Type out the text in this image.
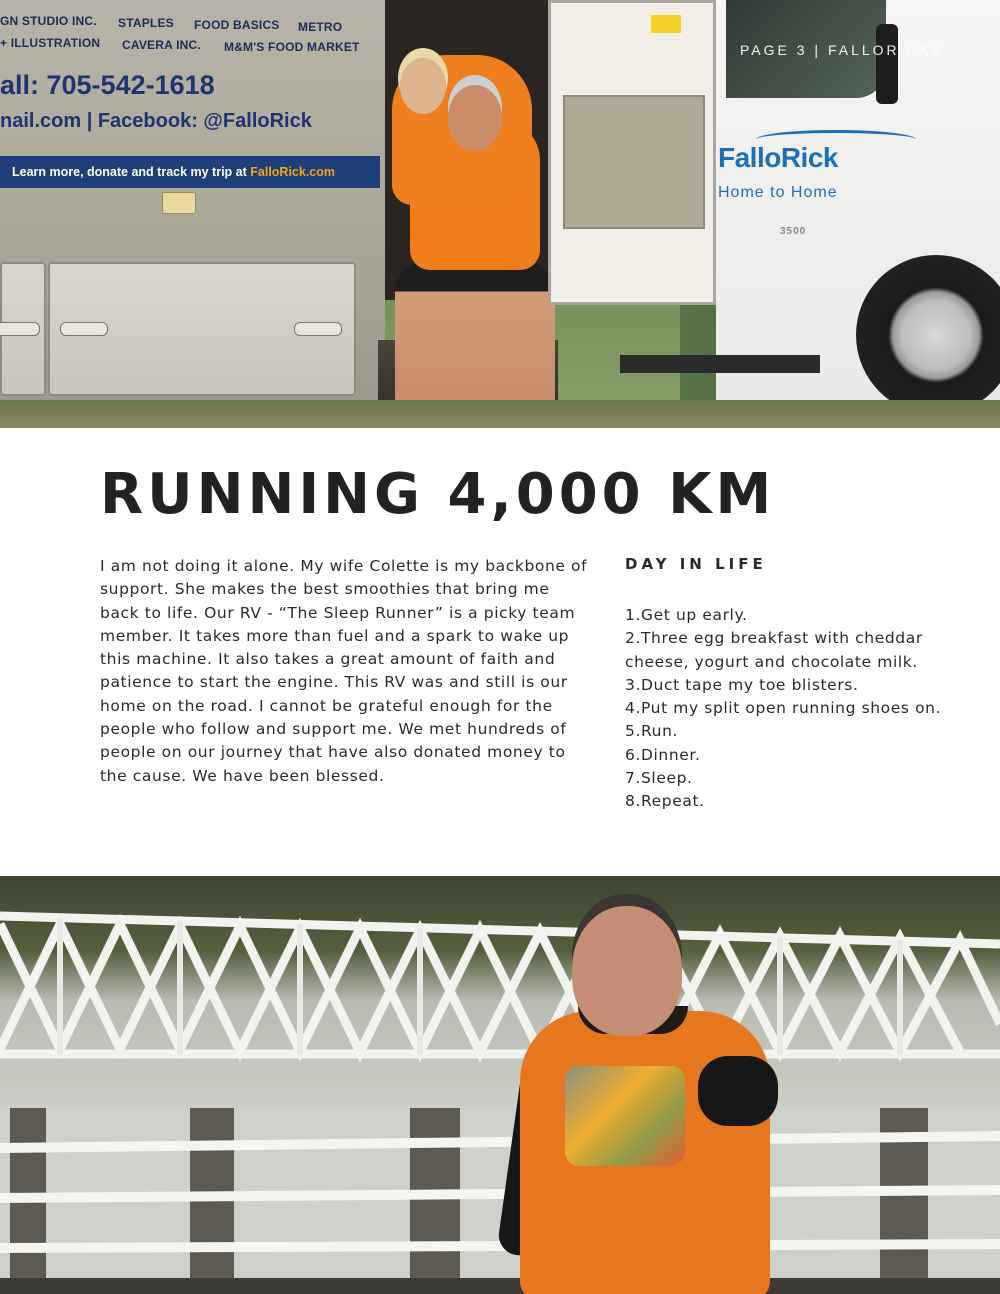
GN STUDIO INC. STAPLES FOOD BASICS METRO
+ ILLUSTRATION CAVERA INC. M&M'S FOOD MARKET
all: 705-542-1618
nail.com | Facebook: @FalloRick
Learn more, donate and track my trip at FalloRick.com	FalloRick
Home to Home
3500
PAGE 3 | FALLORICKS
RUNNING 4,000 KM

I am not doing it alone. My wife Colette is my backbone of support. She makes the best smoothies that bring me back to life. Our RV - “The Sleep Runner” is a picky team member. It takes more than fuel and a spark to wake up this machine. It also takes a great amount of faith and patience to start the engine. This RV was and still is our home on the road. I cannot be grateful enough for the people who follow and support me. We met hundreds of people on our journey that have also donated money to the cause. We have been blessed.

DAY IN LIFE
1.Get up early.
2.Three egg breakfast with cheddar cheese, yogurt and chocolate milk.
3.Duct tape my toe blisters.
4.Put my split open running shoes on.
5.Run.
6.Dinner.
7.Sleep.
8.Repeat.
